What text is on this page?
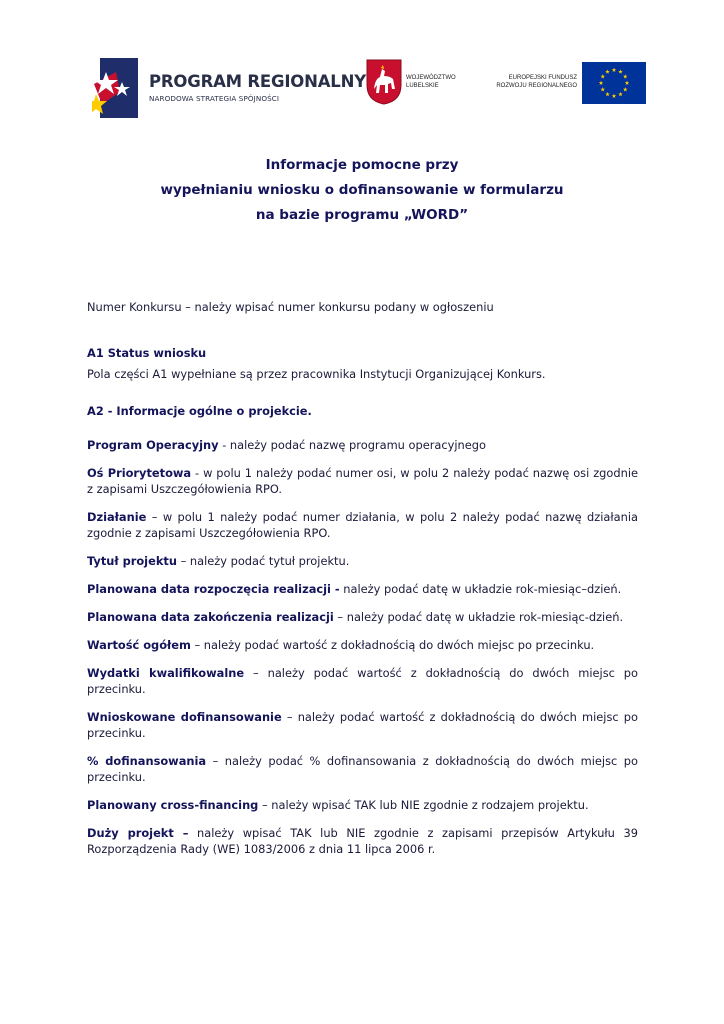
PROGRAM REGIONALNY
NARODOWA STRATEGIA SPÓJNOŚCI
WOJEWÓDZTWO
LUBELSKIE
EUROPEJSKI FUNDUSZ
ROZWOJU REGIONALNEGO
Informacje pomocne przy
wypełnianiu wniosku o dofinansowanie w formularzu
na bazie programu „WORD”

Numer Konkursu – należy wpisać numer konkursu podany w ogłoszeniu

A1 Status wniosku

Pola części A1 wypełniane są przez pracownika Instytucji Organizującej Konkurs.

A2 - Informacje ogólne o projekcie.

Program Operacyjny - należy podać nazwę programu operacyjnego

Oś Priorytetowa - w polu 1 należy podać numer osi, w polu 2 należy podać nazwę osi zgodnie z zapisami Uszczegółowienia RPO.

Działanie – w polu 1 należy podać numer działania, w polu 2 należy podać nazwę działania zgodnie z zapisami Uszczegółowienia RPO.

Tytuł projektu – należy podać tytuł projektu.

Planowana data rozpoczęcia realizacji - należy podać datę w układzie rok-miesiąc–dzień.

Planowana data zakończenia realizacji – należy podać datę w układzie rok-miesiąc-dzień.

Wartość ogółem – należy podać wartość z dokładnością do dwóch miejsc po przecinku.

Wydatki kwalifikowalne – należy podać wartość z dokładnością do dwóch miejsc po przecinku.

Wnioskowane dofinansowanie – należy podać wartość z dokładnością do dwóch miejsc po przecinku.

% dofinansowania – należy podać % dofinansowania z dokładnością do dwóch miejsc po przecinku.

Planowany cross-financing – należy wpisać TAK lub NIE zgodnie z rodzajem projektu.

Duży projekt – należy wpisać TAK lub NIE zgodnie z zapisami przepisów Artykułu 39 Rozporządzenia Rady (WE) 1083/2006 z dnia 11 lipca 2006 r.
